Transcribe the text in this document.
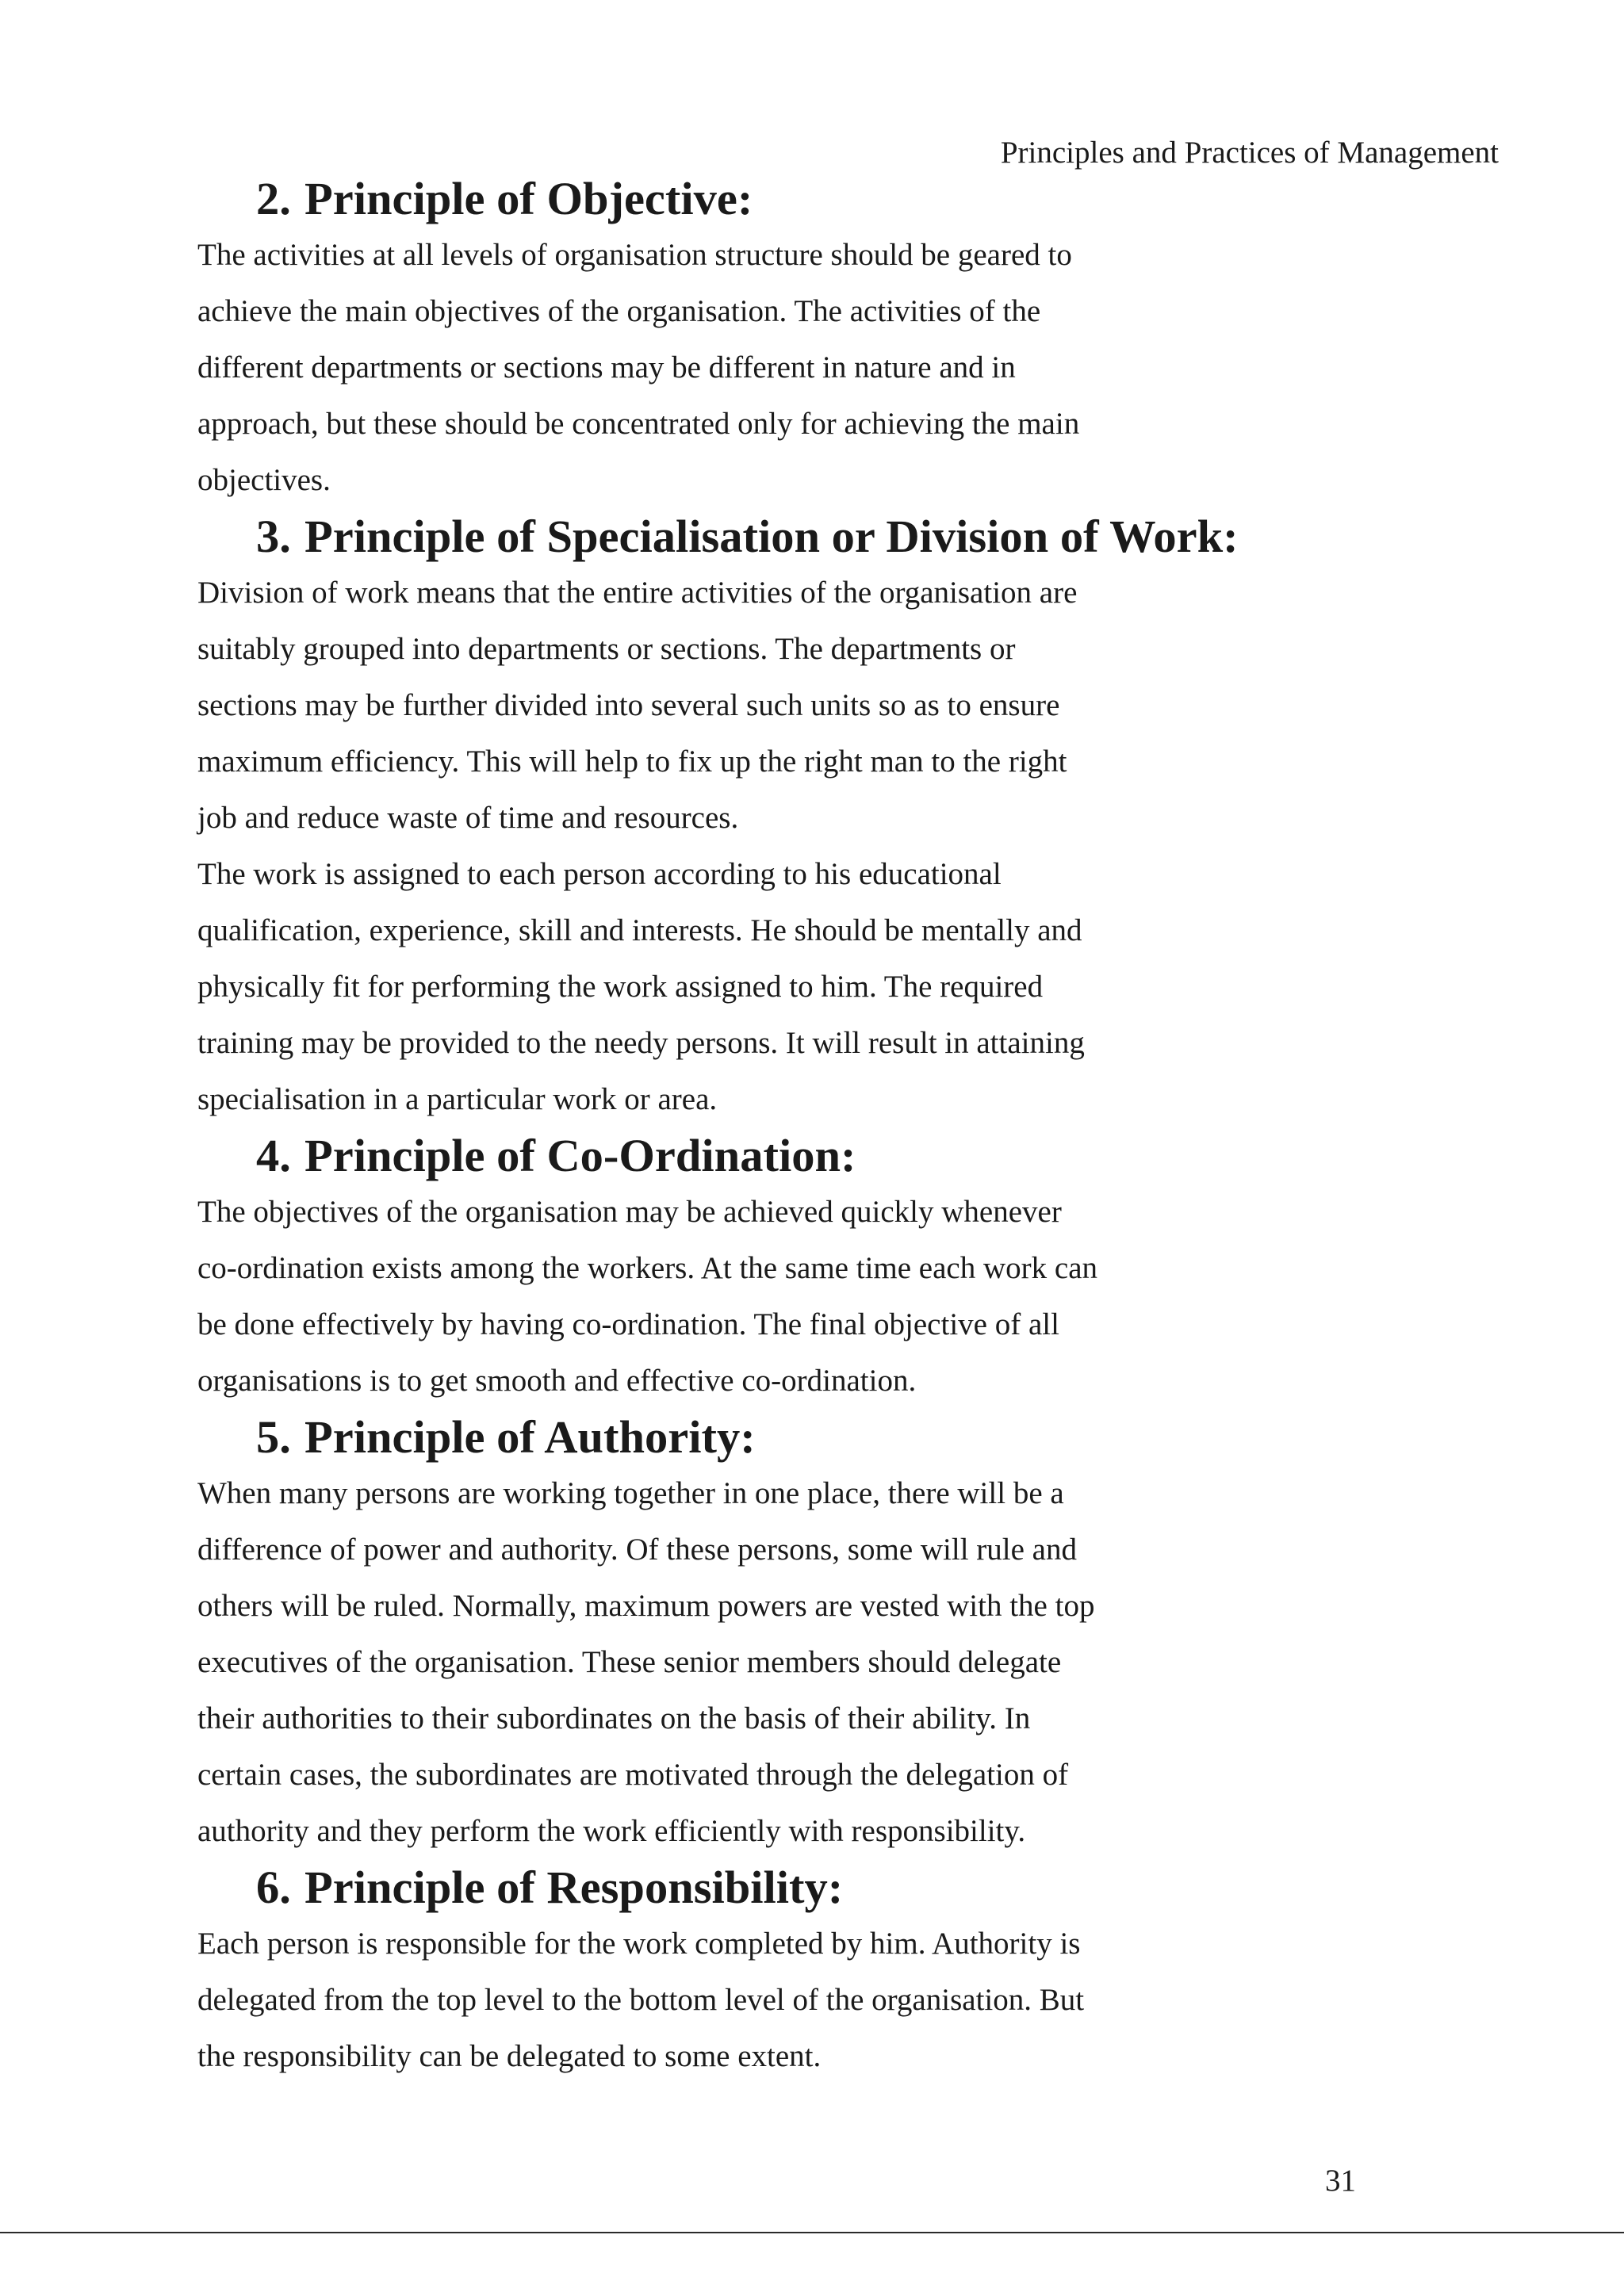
Principles and Practices of Management
2. Principle of Objective:

The activities at all levels of organisation structure should be geared to
achieve the main objectives of the organisation. The activities of the
different departments or sections may be different in nature and in
approach, but these should be concentrated only for achieving the main
objectives.

3. Principle of Specialisation or Division of Work:

Division of work means that the entire activities of the organisation are
suitably grouped into departments or sections. The departments or
sections may be further divided into several such units so as to ensure
maximum efficiency. This will help to fix up the right man to the right
job and reduce waste of time and resources.

The work is assigned to each person according to his educational
qualification, experience, skill and interests. He should be mentally and
physically fit for performing the work assigned to him. The required
training may be provided to the needy persons. It will result in attaining
specialisation in a particular work or area.

4. Principle of Co-Ordination:

The objectives of the organisation may be achieved quickly whenever
co-ordination exists among the workers. At the same time each work can
be done effectively by having co-ordination. The final objective of all
organisations is to get smooth and effective co-ordination.

5. Principle of Authority:

When many persons are working together in one place, there will be a
difference of power and authority. Of these persons, some will rule and
others will be ruled. Normally, maximum powers are vested with the top
executives of the organisation. These senior members should delegate
their authorities to their subordinates on the basis of their ability. In
certain cases, the subordinates are motivated through the delegation of
authority and they perform the work efficiently with responsibility.

6. Principle of Responsibility:

Each person is responsible for the work completed by him. Authority is
delegated from the top level to the bottom level of the organisation. But
the responsibility can be delegated to some extent.

31
